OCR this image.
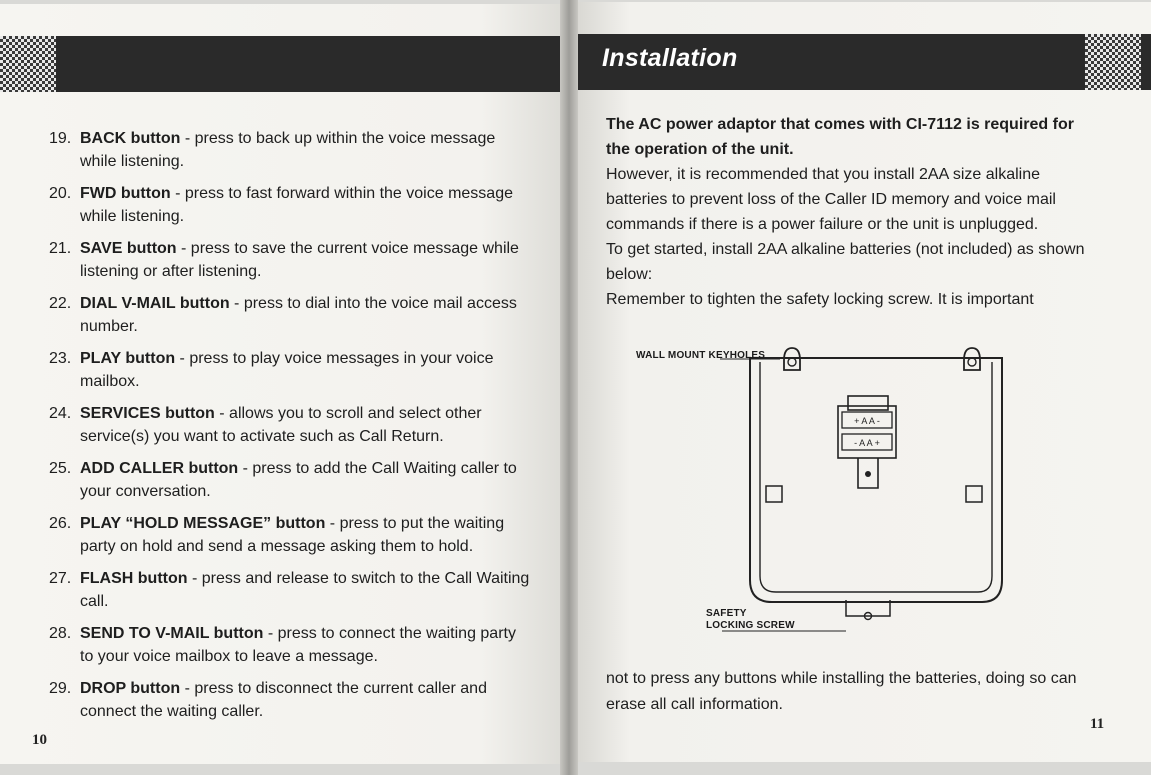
19. BACK button - press to back up within the voice message while listening.
20. FWD button - press to fast forward within the voice message while listening.
21. SAVE button - press to save the current voice message while listening or after listening.
22. DIAL V-MAIL button - press to dial into the voice mail access number.
23. PLAY button - press to play voice messages in your voice mailbox.
24. SERVICES button - allows you to scroll and select other service(s) you want to activate such as Call Return.
25. ADD CALLER button - press to add the Call Waiting caller to your conversation.
26. PLAY “HOLD MESSAGE” button - press to put the waiting party on hold and send a message asking them to hold.
27. FLASH button - press and release to switch to the Call Waiting call.
28. SEND TO V-MAIL button - press to connect the waiting party to your voice mailbox to leave a message.
29. DROP button - press to disconnect the current caller and connect the waiting caller.
10
Installation

The AC power adaptor that comes with CI-7112 is required for the operation of the unit.

However, it is recommended that you install 2AA size alkaline batteries to prevent loss of the Caller ID memory and voice mail commands if there is a power failure or the unit is unplugged.

To get started, install 2AA alkaline batteries (not included) as shown below:

Remember to tighten the safety locking screw. It is important

+ A A -
- A A +
WALL MOUNT KEYHOLES
SAFETY LOCKING SCREW

not to press any buttons while installing the batteries, doing so can erase all call information.

11
